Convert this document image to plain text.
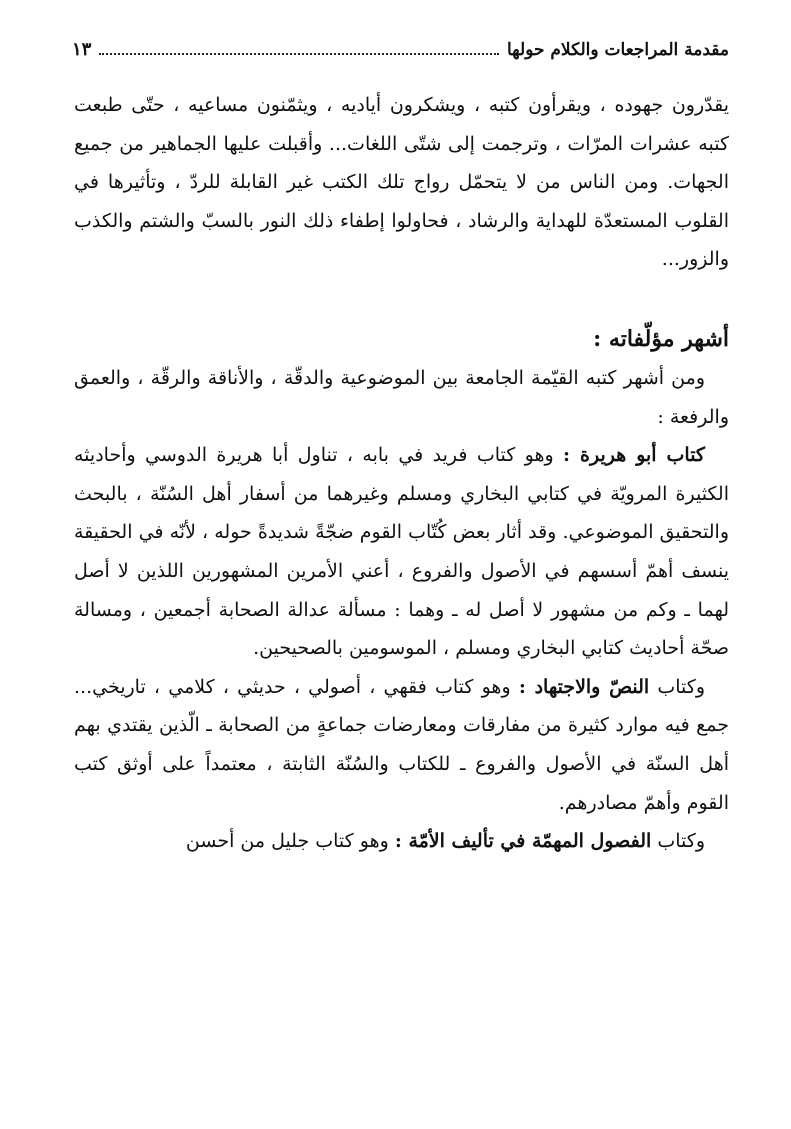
مقدمة المراجعات والكلام حولها
١٣

يقدّرون جهوده ، ويقرأون كتبه ، ويشكرون أياديه ، ويثمّنون مساعيه ، حتّى طبعت كتبه عشرات المرّات ، وترجمت إلى شتّى اللغات... وأقبلت عليها الجماهير من جميع الجهات. ومن الناس من لا يتحمّل رواج تلك الكتب غير القابلة للردّ ، وتأثيرها في القلوب المستعدّة للهداية والرشاد ، فحاولوا إطفاء ذلك النور بالسبّ والشتم والكذب والزور...

أشهر مؤلّفاته :

ومن أشهر كتبه القيّمة الجامعة بين الموضوعية والدقّة ، والأناقة والرقّة ، والعمق والرفعة :

كتاب أبو هريرة : وهو كتاب فريد في بابه ، تناول أبا هريرة الدوسي وأحاديثه الكثيرة المرويّة في كتابي البخاري ومسلم وغيرهما من أسفار أهل السُنّة ، بالبحث والتحقيق الموضوعي. وقد أثار بعض كُتّاب القوم ضجّةً شديدةً حوله ، لأنّه في الحقيقة ينسف أهمّ أسسهم في الأصول والفروع ، أعني الأمرين المشهورين اللذين لا أصل لهما ـ وكم من مشهور لا أصل له ـ وهما : مسألة عدالة الصحابة أجمعين ، ومسالة صحّة أحاديث كتابي البخاري ومسلم ، الموسومين بالصحيحين.

وكتاب النصّ والاجتهاد : وهو كتاب فقهي ، أصولي ، حديثي ، كلامي ، تاريخي... جمع فيه موارد كثيرة من مفارقات ومعارضات جماعةٍ من الصحابة ـ الّذين يقتدي بهم أهل السنّة في الأصول والفروع ـ للكتاب والسُنّة الثابتة ، معتمداً على أوثق كتب القوم وأهمّ مصادرهم.

وكتاب الفصول المهمّة في تأليف الأمّة : وهو كتاب جليل من أحسن
